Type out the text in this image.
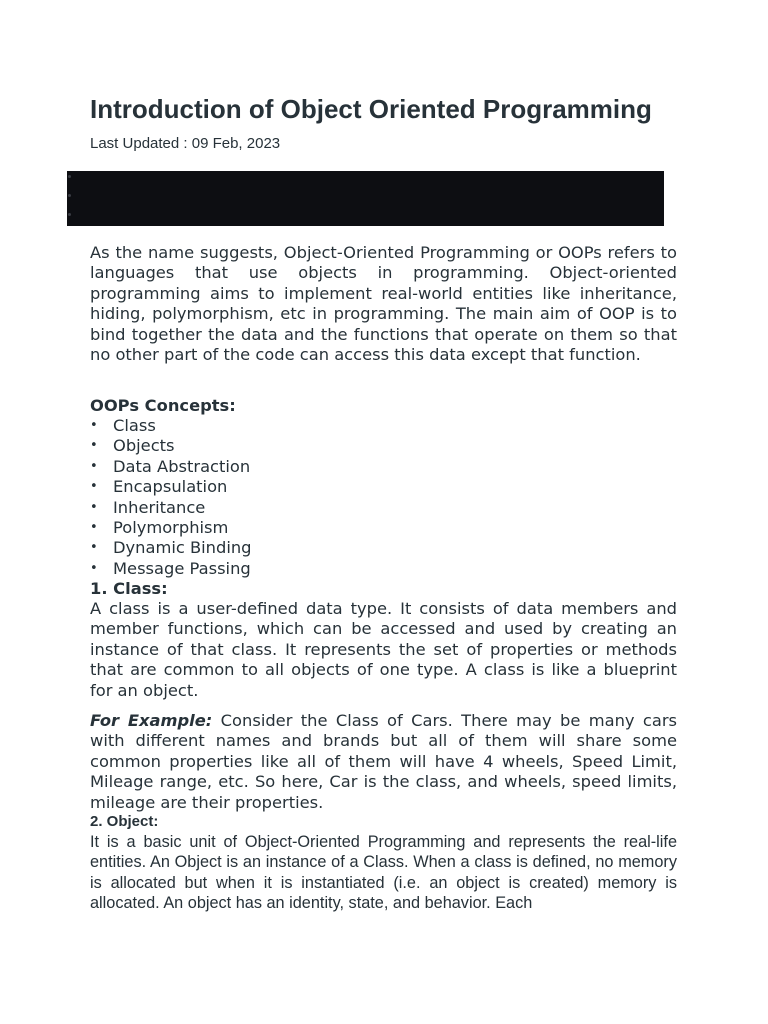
Introduction of Object Oriented Programming

Last Updated : 09 Feb, 2023

As the name suggests, Object-Oriented Programming or OOPs refers to languages that use objects in programming. Object-oriented programming aims to implement real-world entities like inheritance, hiding, polymorphism, etc in programming. The main aim of OOP is to bind together the data and the functions that operate on them so that no other part of the code can access this data except that function.

OOPs Concepts:

• Class
• Objects
• Data Abstraction
• Encapsulation
• Inheritance
• Polymorphism
• Dynamic Binding
• Message Passing

1. Class:

A class is a user-defined data type. It consists of data members and member functions, which can be accessed and used by creating an instance of that class. It represents the set of properties or methods that are common to all objects of one type. A class is like a blueprint for an object.

For Example: Consider the Class of Cars. There may be many cars with different names and brands but all of them will share some common properties like all of them will have 4 wheels, Speed Limit, Mileage range, etc. So here, Car is the class, and wheels, speed limits, mileage are their properties.

2. Object:

It is a basic unit of Object-Oriented Programming and represents the real-life entities. An Object is an instance of a Class. When a class is defined, no memory is allocated but when it is instantiated (i.e. an object is created) memory is allocated. An object has an identity, state, and behavior. Each
